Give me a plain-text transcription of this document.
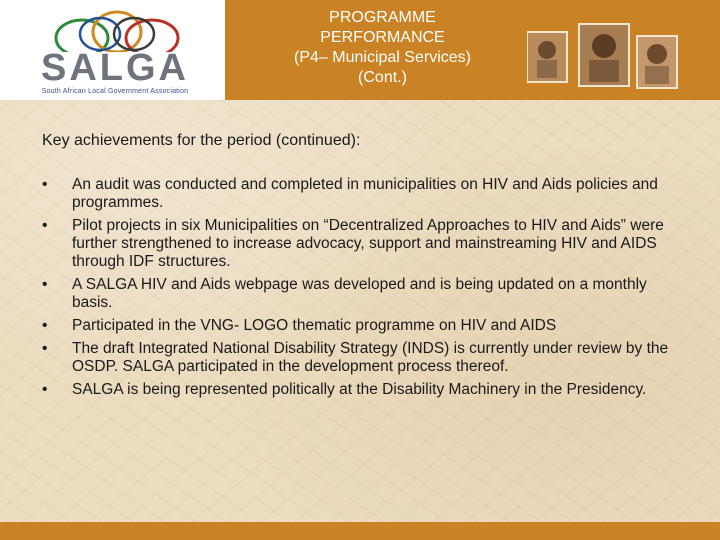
SALGA
South African Local Government Association
PROGRAMME
PERFORMANCE
(P4– Municipal Services)
(Cont.)
Key achievements for the period (continued):
• An audit was conducted and completed in municipalities on HIV and Aids policies and programmes.
• Pilot projects in six Municipalities on “Decentralized Approaches to HIV and Aids” were further strengthened to increase advocacy, support and mainstreaming HIV and AIDS through IDF structures.
• A SALGA HIV and Aids webpage was developed and is being updated on a monthly basis.
• Participated in the VNG- LOGO thematic programme on HIV and AIDS
• The draft Integrated National Disability Strategy (INDS) is currently under review by the OSDP. SALGA participated in the development process thereof.
• SALGA is being represented politically at the Disability Machinery in the Presidency.
